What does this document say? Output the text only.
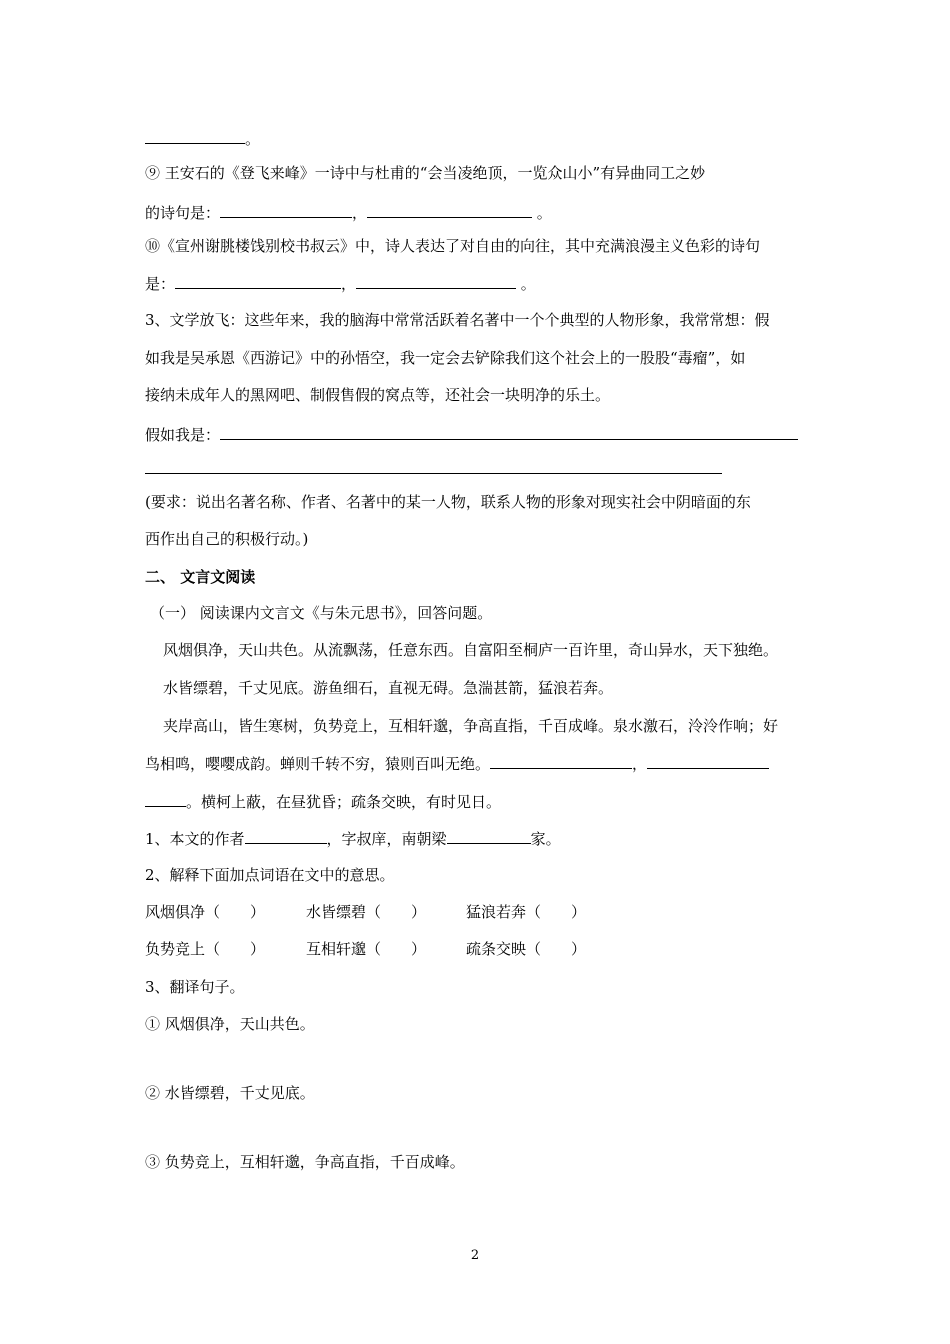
。
⑨ 王安石的《登飞来峰》一诗中与杜甫的“会当凌绝顶，一览众山小”有异曲同工之妙
的诗句是：	，	。
⑩《宣州谢朓楼饯别校书叔云》中，诗人表达了对自由的向往，其中充满浪漫主义色彩的诗句
是：	，	。
3、文学放飞：这些年来，我的脑海中常常活跃着名著中一个个典型的人物形象，我常常想：假
如我是吴承恩《西游记》中的孙悟空，我一定会去铲除我们这个社会上的一股股“毒瘤”，如
接纳未成年人的黑网吧、制假售假的窝点等，还社会一块明净的乐土。
假如我是：
(要求：说出名著名称、作者、名著中的某一人物，联系人物的形象对现实社会中阴暗面的东
西作出自己的积极行动。)
二、 文言文阅读
（一） 阅读课内文言文《与朱元思书》，回答问题。
风烟俱净，天山共色。从流飘荡，任意东西。自富阳至桐庐一百许里，奇山异水，天下独绝。
水皆缥碧，千丈见底。游鱼细石，直视无碍。急湍甚箭，猛浪若奔。
夹岸高山，皆生寒树，负势竞上，互相轩邈，争高直指，千百成峰。泉水激石，泠泠作响；好
鸟相鸣，嘤嘤成韵。蝉则千转不穷，猿则百叫无绝。	，
。横柯上蔽，在昼犹昏；疏条交映，有时见日。
1、本文的作者	，字叔庠，南朝梁	家。
2、解释下面加点词语在文中的意思。
风烟俱净（　　）	水皆缥碧（　　）	猛浪若奔（　　）
负势竞上（　　）	互相轩邈（　　）	疏条交映（　　）
3、翻译句子。
① 风烟俱净，天山共色。
② 水皆缥碧，千丈见底。
③ 负势竞上，互相轩邈，争高直指，千百成峰。
2
